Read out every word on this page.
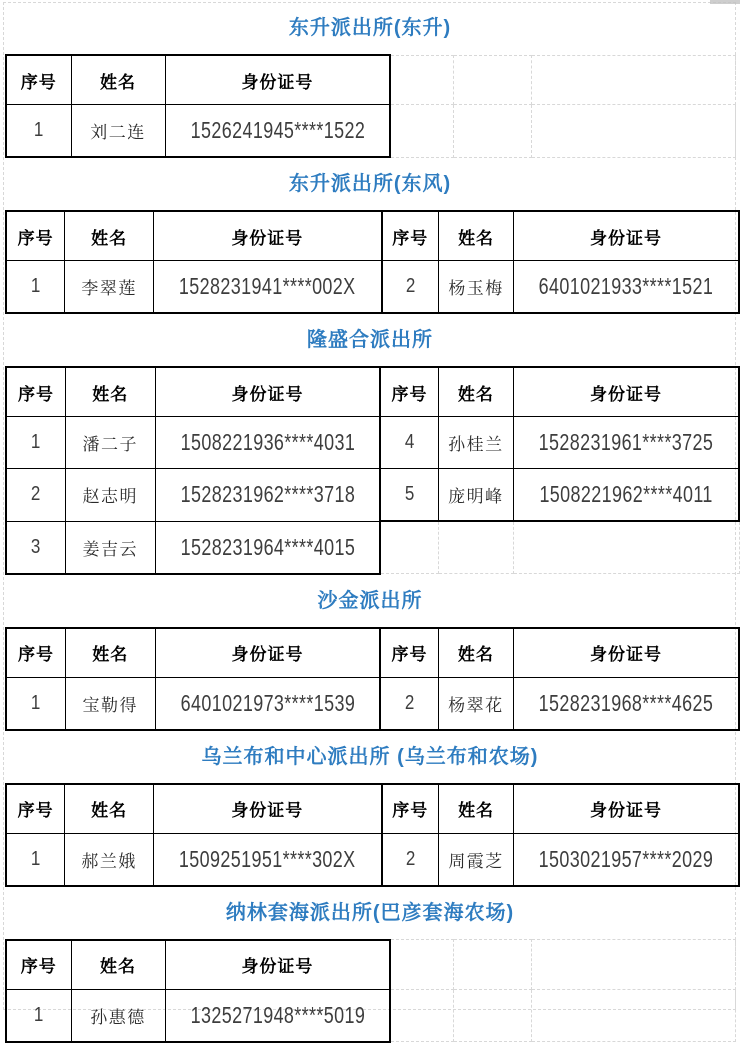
东升派出所(东升)
序号	姓名	身份证号			
1	刘二连	1526241945****1522			
东升派出所(东风)
序号	姓名	身份证号	序号	姓名	身份证号
1	李翠莲	1528231941****002X	2	杨玉梅	6401021933****1521
隆盛合派出所
序号	姓名	身份证号	序号	姓名	身份证号
1	潘二子	1508221936****4031	4	孙桂兰	1528231961****3725
2	赵志明	1528231962****3718	5	庞明峰	1508221962****4011
3	姜吉云	1528231964****4015			
沙金派出所
序号	姓名	身份证号	序号	姓名	身份证号
1	宝勒得	6401021973****1539	2	杨翠花	1528231968****4625
乌兰布和中心派出所 (乌兰布和农场)
序号	姓名	身份证号	序号	姓名	身份证号
1	郝兰娥	1509251951****302X	2	周霞芝	1503021957****2029
纳林套海派出所(巴彦套海农场)
序号	姓名	身份证号			
1	孙惠德	1325271948****5019			
